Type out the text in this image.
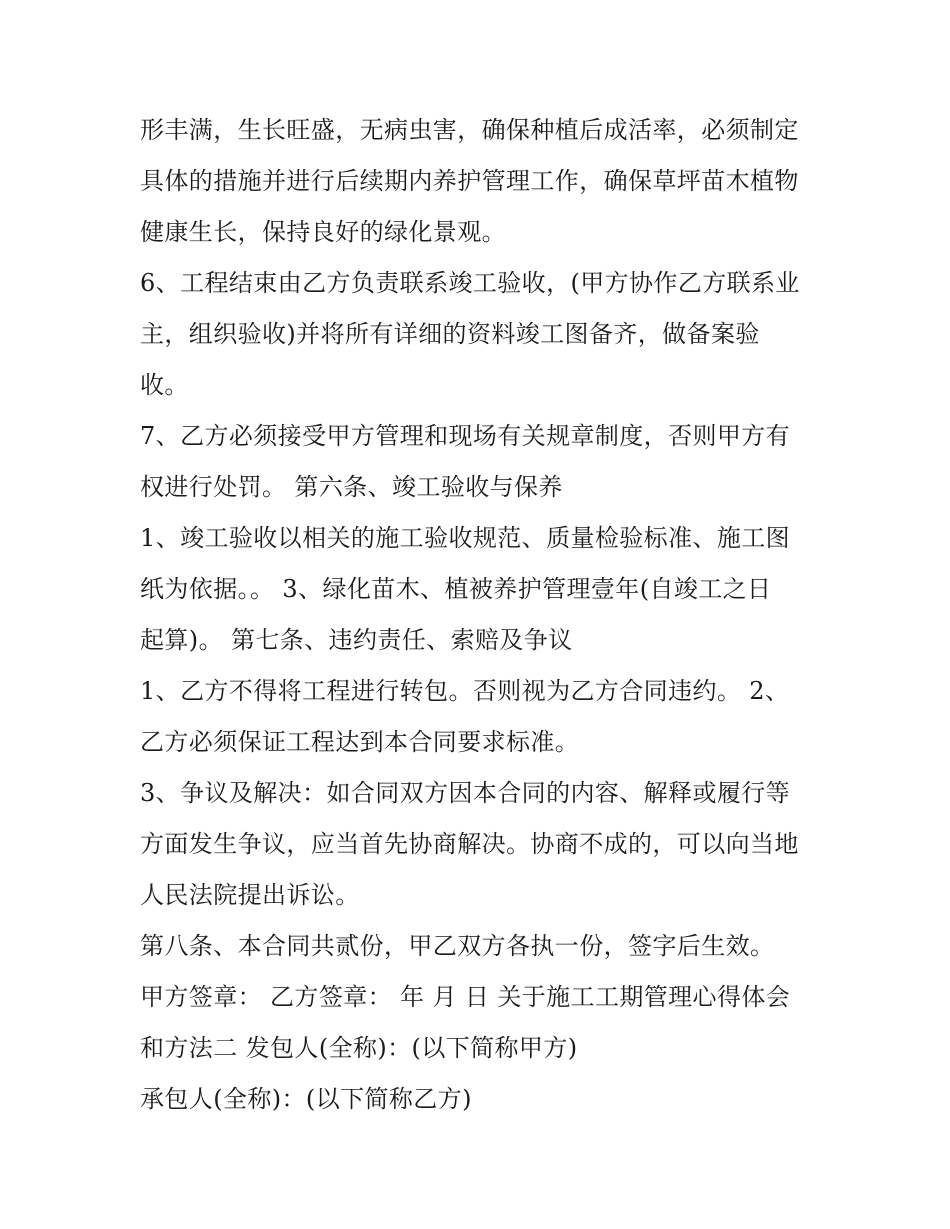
形丰满，生长旺盛，无病虫害，确保种植后成活率，必须制定
具体的措施并进行后续期内养护管理工作，确保草坪苗木植物
健康生长，保持良好的绿化景观。
6、工程结束由乙方负责联系竣工验收，(甲方协作乙方联系业
主，组织验收)并将所有详细的资料竣工图备齐，做备案验
收。
7、乙方必须接受甲方管理和现场有关规章制度，否则甲方有
权进行处罚。 第六条、竣工验收与保养
1、竣工验收以相关的施工验收规范、质量检验标准、施工图
纸为依据。。 3、绿化苗木、植被养护管理壹年(自竣工之日
起算)。 第七条、违约责任、索赔及争议
1、乙方不得将工程进行转包。否则视为乙方合同违约。 2、
乙方必须保证工程达到本合同要求标准。
3、争议及解决：如合同双方因本合同的内容、解释或履行等
方面发生争议，应当首先协商解决。协商不成的，可以向当地
人民法院提出诉讼。
第八条、本合同共贰份，甲乙双方各执一份，签字后生效。
甲方签章： 乙方签章： 年 月 日 关于施工工期管理心得体会
和方法二 发包人(全称)：(以下简称甲方)
承包人(全称)：(以下简称乙方)
